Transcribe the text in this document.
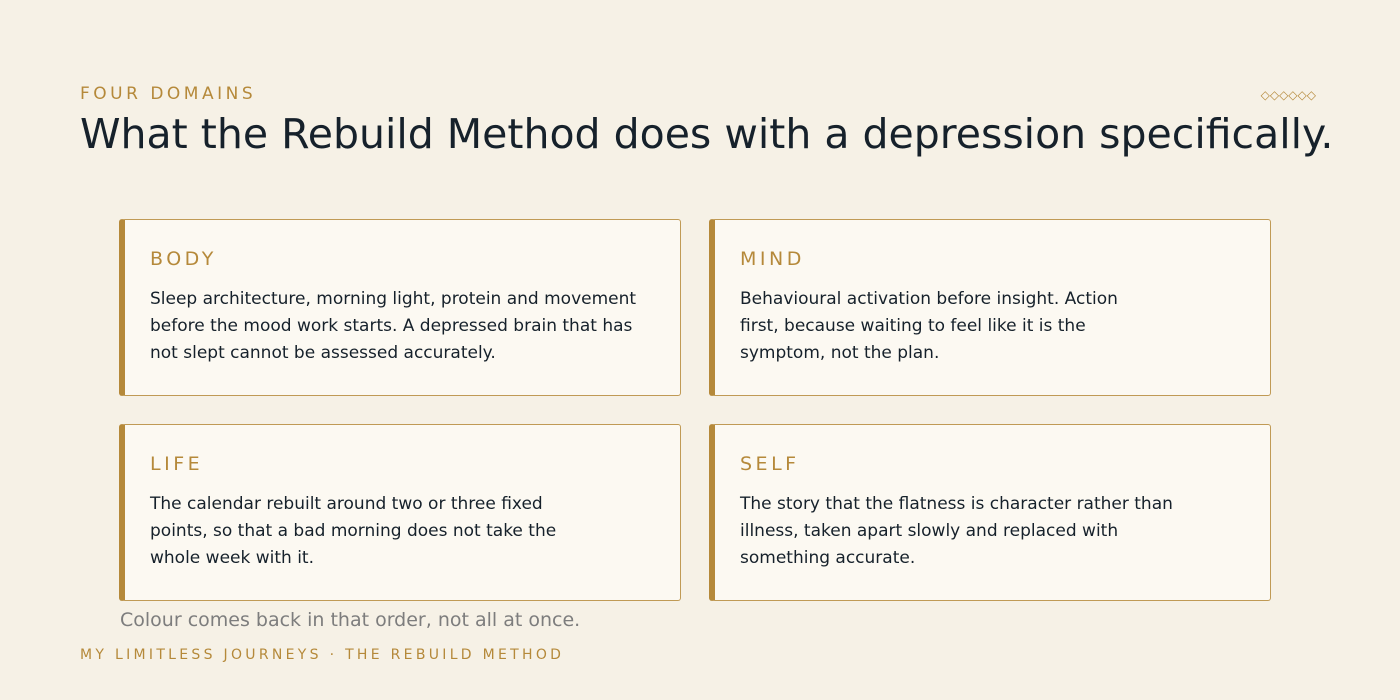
FOUR DOMAINS	◇◇◇◇◇◇
What the Rebuild Method does with a depression specifically.
BODY
Sleep architecture, morning light, protein and movement before the mood work starts. A depressed brain that has not slept cannot be assessed accurately.
MIND
Behavioural activation before insight. Action first, because waiting to feel like it is the symptom, not the plan.
LIFE
The calendar rebuilt around two or three fixed points, so that a bad morning does not take the whole week with it.
SELF
The story that the flatness is character rather than illness, taken apart slowly and replaced with something accurate.
Colour comes back in that order, not all at once.
MY LIMITLESS JOURNEYS · THE REBUILD METHOD
